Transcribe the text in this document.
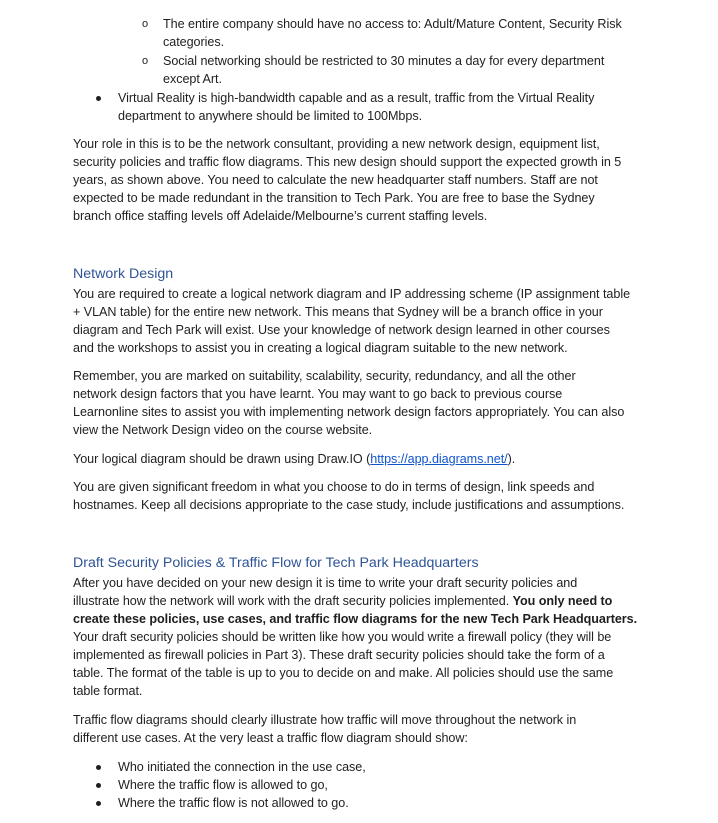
o The entire company should have no access to: Adult/Mature Content, Security Risk
categories.
o Social networking should be restricted to 30 minutes a day for every department
except Art.
Virtual Reality is high-bandwidth capable and as a result, traffic from the Virtual Reality
department to anywhere should be limited to 100Mbps.
Your role in this is to be the network consultant, providing a new network design, equipment list,
security policies and traffic flow diagrams. This new design should support the expected growth in 5
years, as shown above. You need to calculate the new headquarter staff numbers. Staff are not
expected to be made redundant in the transition to Tech Park. You are free to base the Sydney
branch office staffing levels off Adelaide/Melbourne’s current staffing levels.
Network Design
You are required to create a logical network diagram and IP addressing scheme (IP assignment table
+ VLAN table) for the entire new network. This means that Sydney will be a branch office in your
diagram and Tech Park will exist. Use your knowledge of network design learned in other courses
and the workshops to assist you in creating a logical diagram suitable to the new network.
Remember, you are marked on suitability, scalability, security, redundancy, and all the other
network design factors that you have learnt. You may want to go back to previous course
Learnonline sites to assist you with implementing network design factors appropriately. You can also
view the Network Design video on the course website.
Your logical diagram should be drawn using Draw.IO (https://app.diagrams.net/).
You are given significant freedom in what you choose to do in terms of design, link speeds and
hostnames. Keep all decisions appropriate to the case study, include justifications and assumptions.
Draft Security Policies & Traffic Flow for Tech Park Headquarters
After you have decided on your new design it is time to write your draft security policies and
illustrate how the network will work with the draft security policies implemented. You only need to
create these policies, use cases, and traffic flow diagrams for the new Tech Park Headquarters.
Your draft security policies should be written like how you would write a firewall policy (they will be
implemented as firewall policies in Part 3). These draft security policies should take the form of a
table. The format of the table is up to you to decide on and make. All policies should use the same
table format.
Traffic flow diagrams should clearly illustrate how traffic will move throughout the network in
different use cases. At the very least a traffic flow diagram should show:
Who initiated the connection in the use case,
Where the traffic flow is allowed to go,
Where the traffic flow is not allowed to go.
